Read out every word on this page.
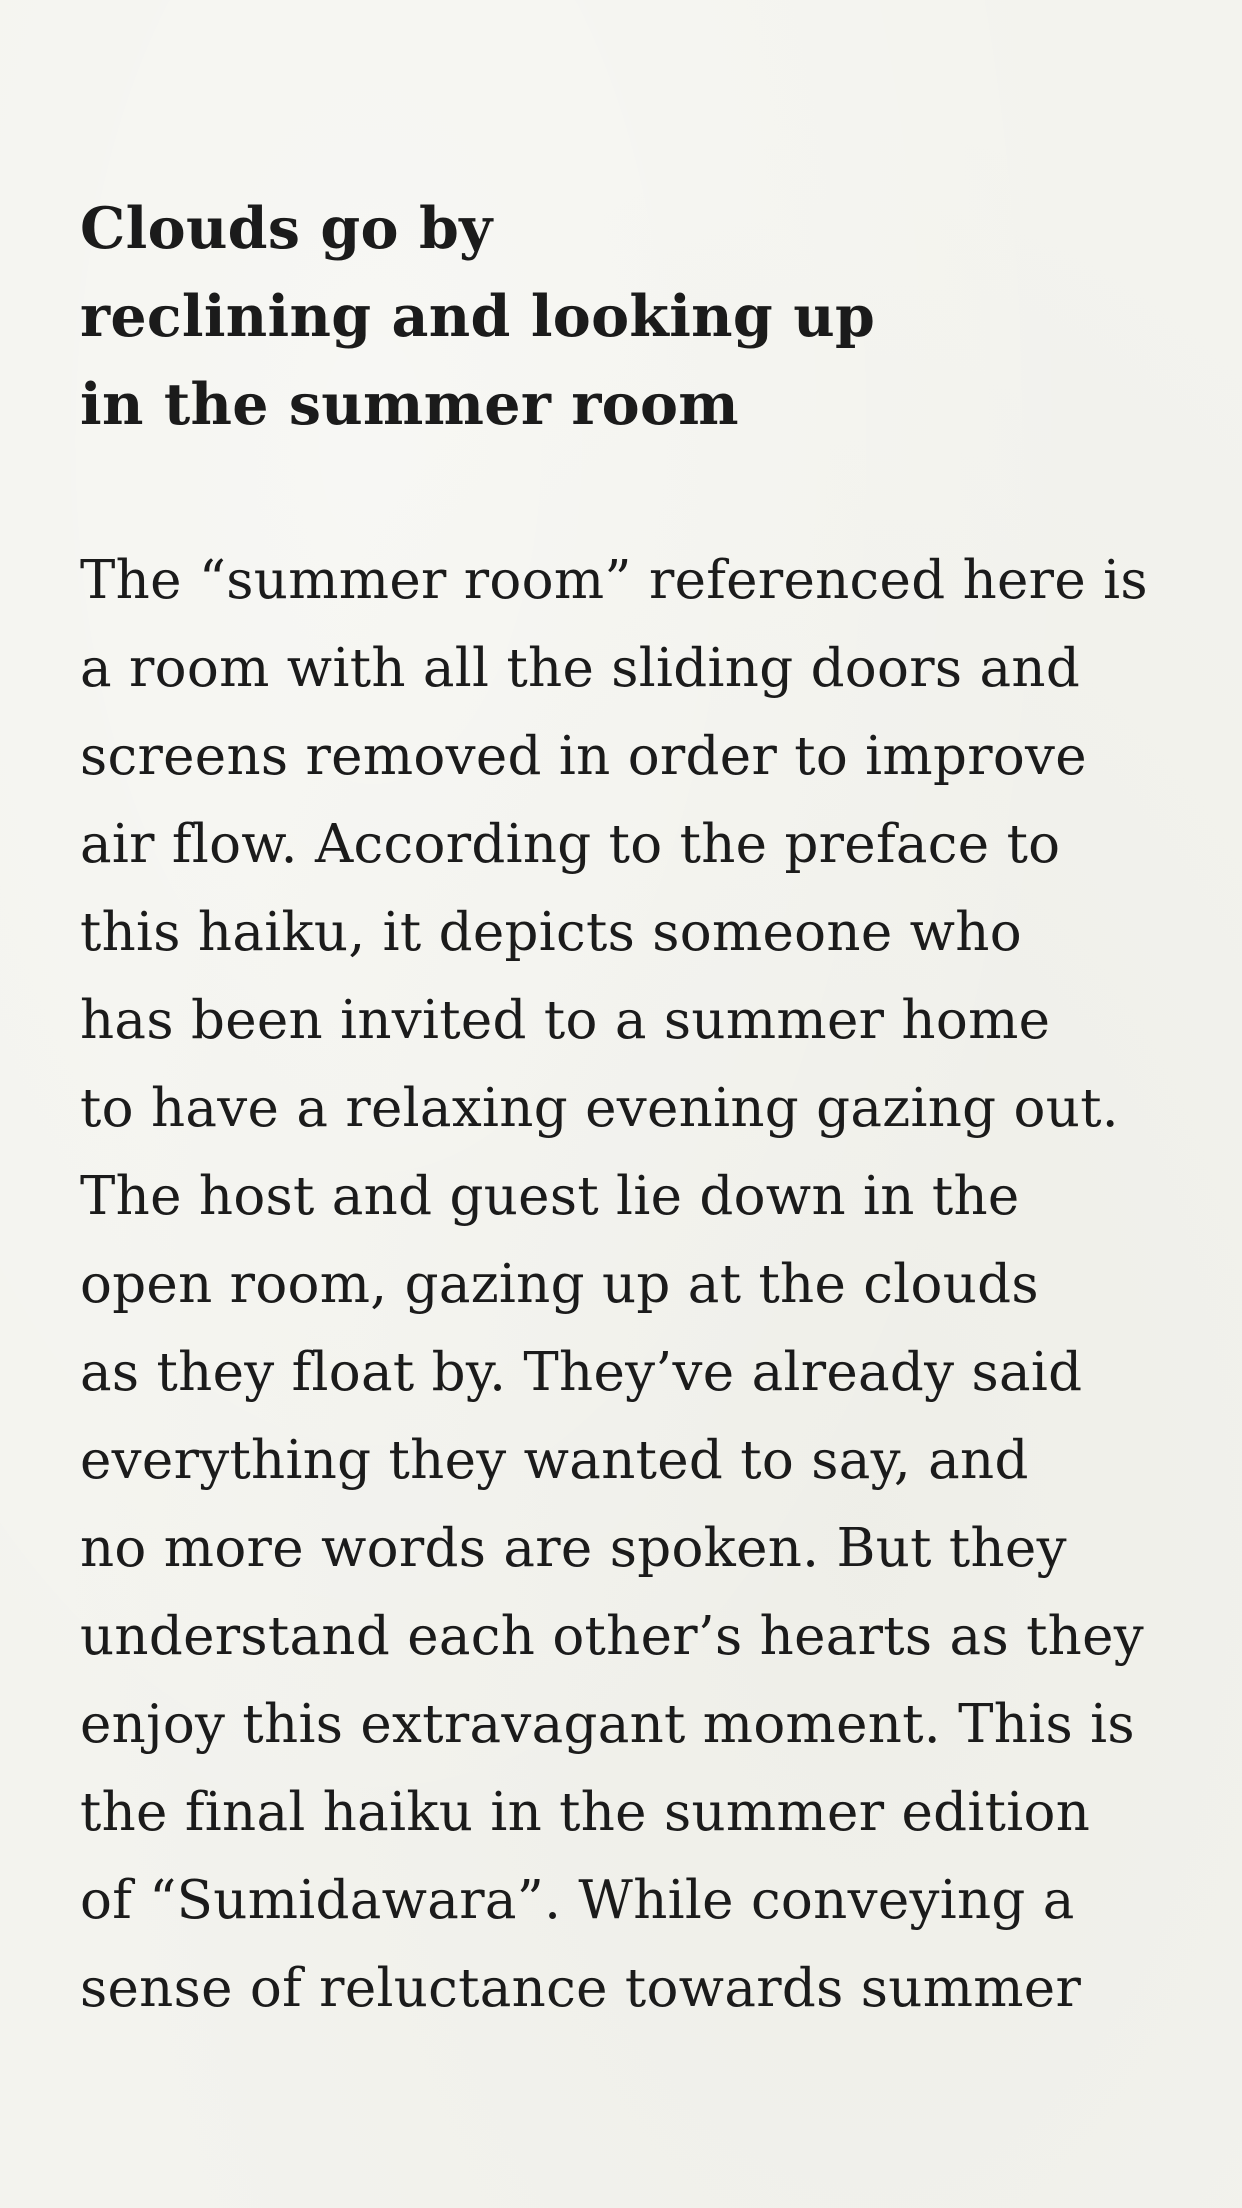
Clouds go by
reclining and looking up
in the summer room

The “summer room” referenced here is
a room with all the sliding doors and
screens removed in order to improve
air flow. According to the preface to
this haiku, it depicts someone who
has been invited to a summer home
to have a relaxing evening gazing out.
The host and guest lie down in the
open room, gazing up at the clouds
as they float by. They’ve already said
everything they wanted to say, and
no more words are spoken. But they
understand each other’s hearts as they
enjoy this extravagant moment. This is
the final haiku in the summer edition
of “Sumidawara”. While conveying a
sense of reluctance towards summer
